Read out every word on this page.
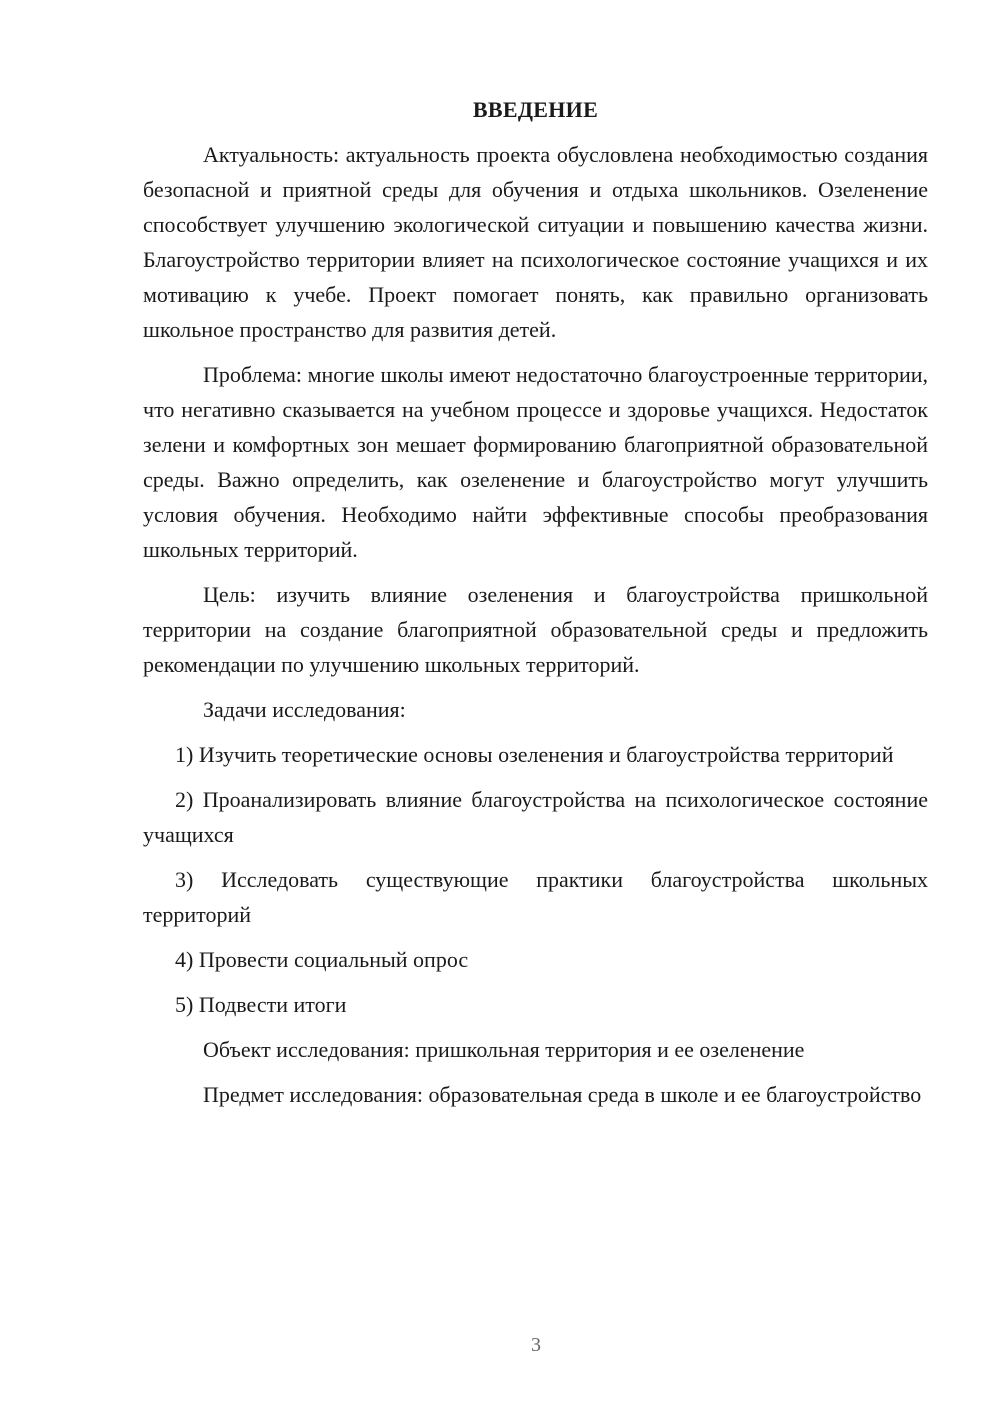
ВВЕДЕНИЕ

Актуальность: актуальность проекта обусловлена необходимостью создания безопасной и приятной среды для обучения и отдыха школьников. Озеленение способствует улучшению экологической ситуации и повышению качества жизни. Благоустройство территории влияет на психологическое состояние учащихся и их мотивацию к учебе. Проект помогает понять, как правильно организовать школьное пространство для развития детей.

Проблема: многие школы имеют недостаточно благоустроенные территории, что негативно сказывается на учебном процессе и здоровье учащихся. Недостаток зелени и комфортных зон мешает формированию благоприятной образовательной среды. Важно определить, как озеленение и благоустройство могут улучшить условия обучения. Необходимо найти эффективные способы преобразования школьных территорий.

Цель: изучить влияние озеленения и благоустройства пришкольной территории на создание благоприятной образовательной среды и предложить рекомендации по улучшению школьных территорий.

Задачи исследования:

1) Изучить теоретические основы озеленения и благоустройства территорий

2) Проанализировать влияние благоустройства на психологическое состояние учащихся

3) Исследовать существующие практики благоустройства школьных территорий

4) Провести социальный опрос

5) Подвести итоги

Объект исследования: пришкольная территория и ее озеленение

Предмет исследования: образовательная среда в школе и ее благоустройство

3
